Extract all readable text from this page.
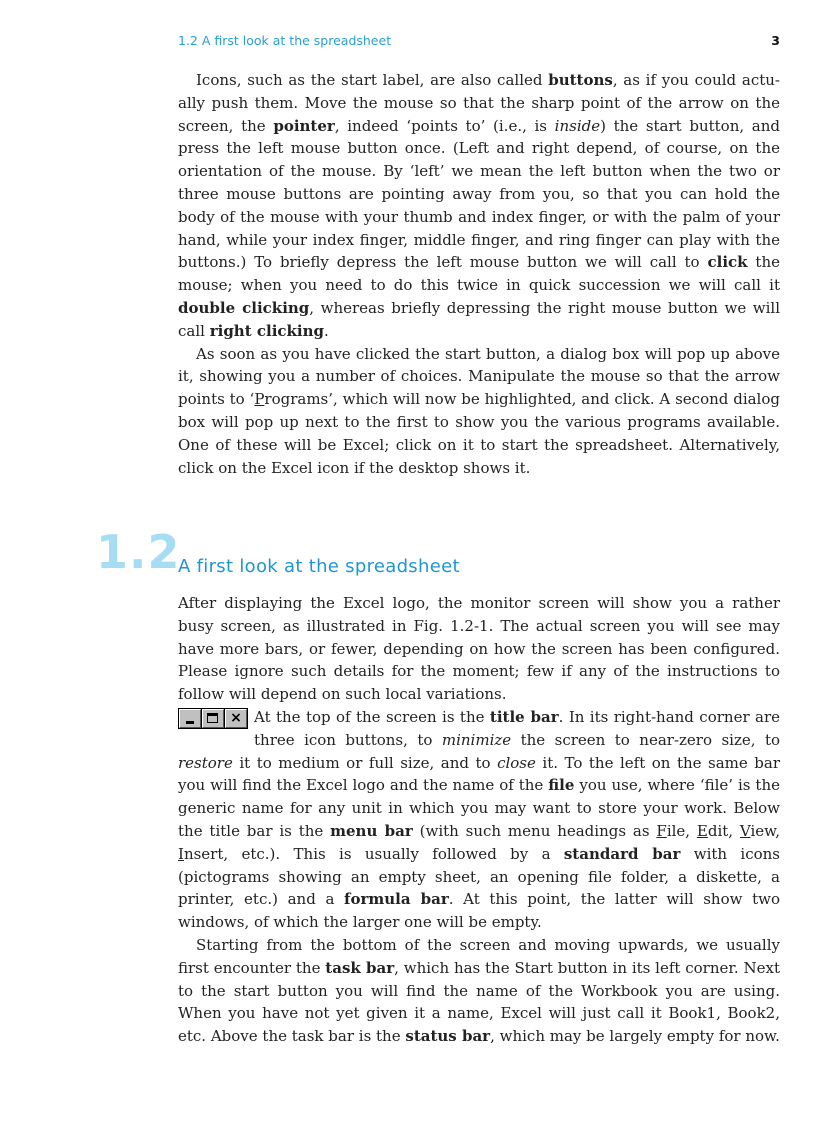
1.2 A first look at the spreadsheet	3

Icons, such as the start label, are also called buttons, as if you could actually push them. Move the mouse so that the sharp point of the arrow on the screen, the pointer, indeed ‘points to’ (i.e., is inside) the start button, and press the left mouse button once. (Left and right depend, of course, on the orientation of the mouse. By ‘left’ we mean the left button when the two or three mouse buttons are pointing away from you, so that you can hold the body of the mouse with your thumb and index finger, or with the palm of your hand, while your index finger, middle finger, and ring finger can play with the buttons.) To briefly depress the left mouse button we will call to click the mouse; when you need to do this twice in quick succession we will call it double clicking, whereas briefly depressing the right mouse button we will call right clicking.

As soon as you have clicked the start button, a dialog box will pop up above it, showing you a number of choices. Manipulate the mouse so that the arrow points to ‘Programs’, which will now be highlighted, and click. A second dialog box will pop up next to the first to show you the various programs available. One of these will be Excel; click on it to start the spreadsheet. Alternatively, click on the Excel icon if the desktop shows it.

1.2
A first look at the spreadsheet

After displaying the Excel logo, the monitor screen will show you a rather busy screen, as illustrated in Fig. 1.2-1. The actual screen you will see may have more bars, or fewer, depending on how the screen has been configured. Please ignore such details for the moment; few if any of the instructions to follow will depend on such local variations.

× At the top of the screen is the title bar. In its right-hand corner are three icon buttons, to minimize the screen to near-zero size, to restore it to medium or full size, and to close it. To the left on the same bar you will find the Excel logo and the name of the file you use, where ‘file’ is the generic name for any unit in which you may want to store your work. Below the title bar is the menu bar (with such menu headings as File, Edit, View, Insert, etc.). This is usually followed by a standard bar with icons (pictograms showing an empty sheet, an opening file folder, a diskette, a printer, etc.) and a formula bar. At this point, the latter will show two windows, of which the larger one will be empty.

Starting from the bottom of the screen and moving upwards, we usually first encounter the task bar, which has the Start button in its left corner. Next to the start button you will find the name of the Workbook you are using. When you have not yet given it a name, Excel will just call it Book1, Book2, etc. Above the task bar is the status bar, which may be largely empty for now.
